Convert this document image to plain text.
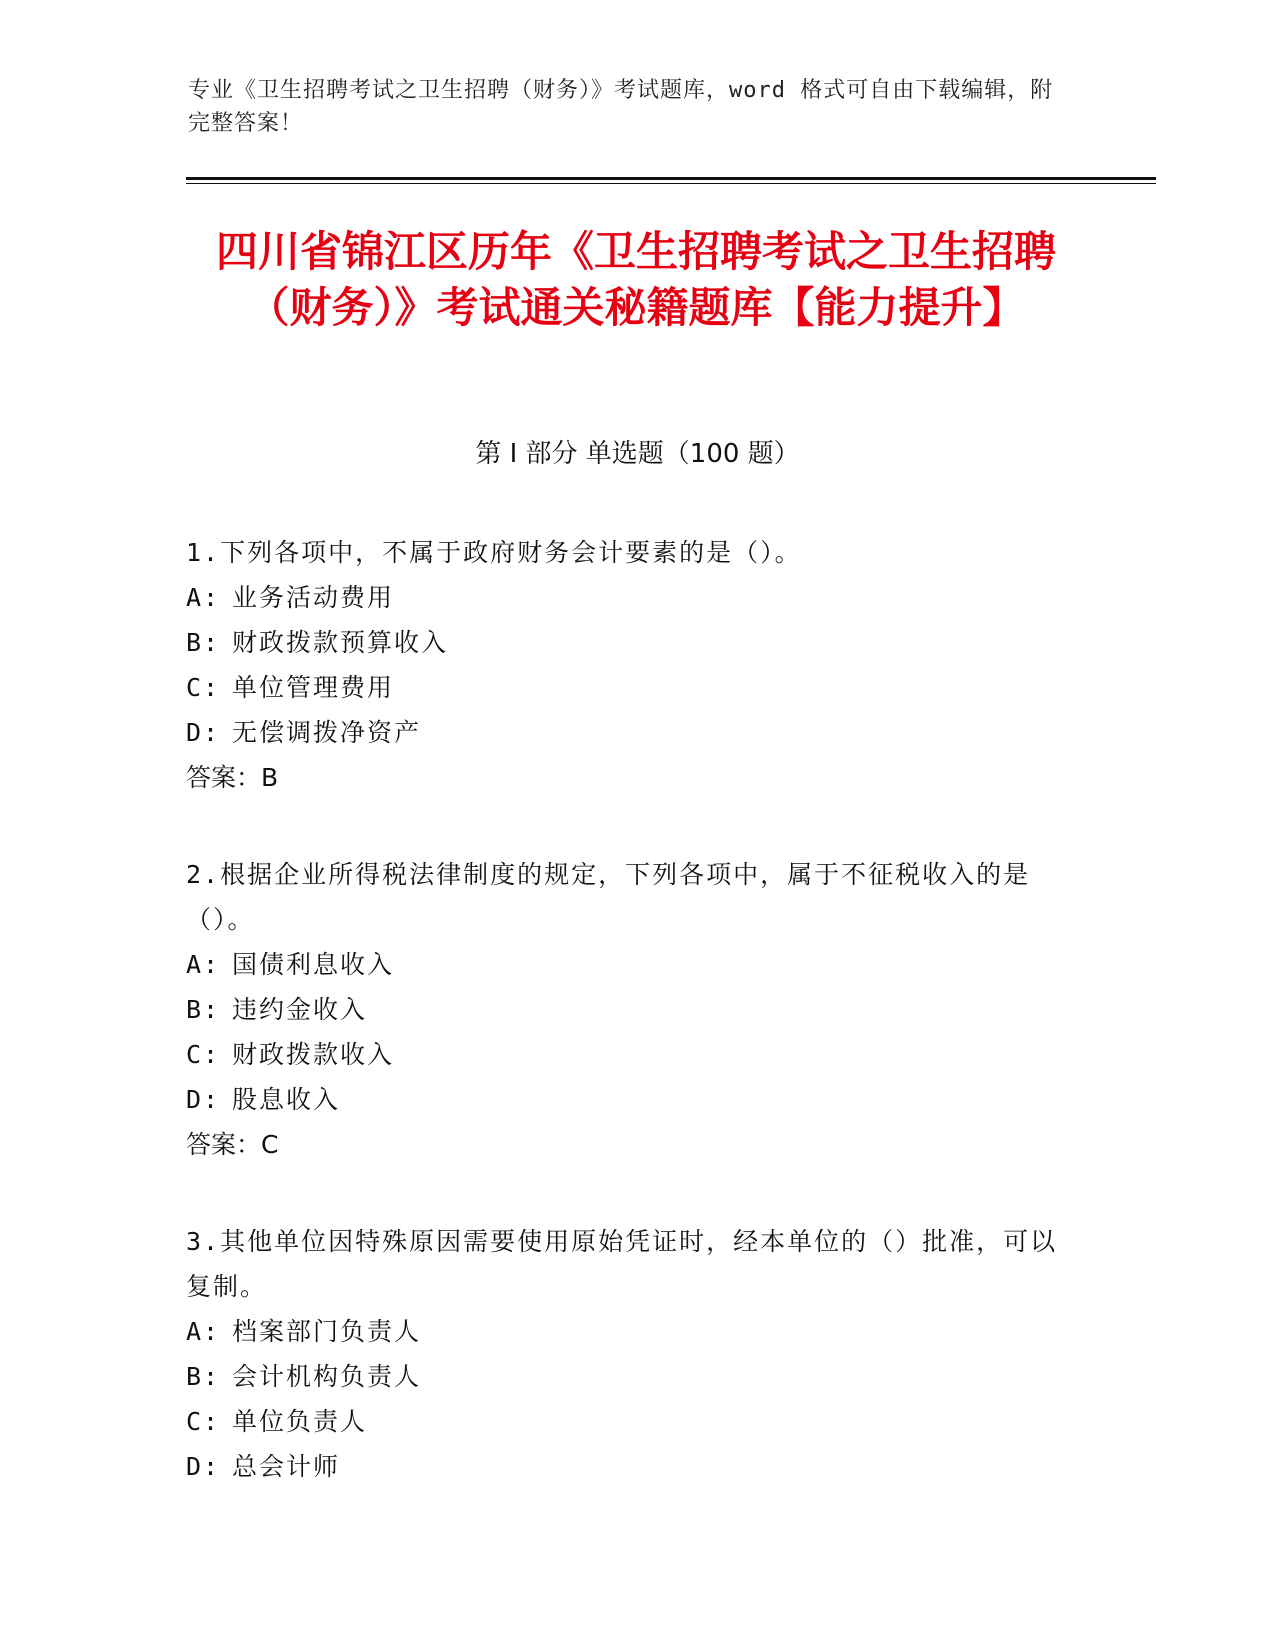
专业《卫生招聘考试之卫生招聘（财务）》考试题库，word 格式可自由下载编辑，附完整答案！
四川省锦江区历年《卫生招聘考试之卫生招聘（财务）》考试通关秘籍题库【能力提升】
第 I 部分 单选题（100 题）
1.下列各项中，不属于政府财务会计要素的是（）。
A: 业务活动费用
B: 财政拨款预算收入
C: 单位管理费用
D: 无偿调拨净资产
答案：B
2.根据企业所得税法律制度的规定，下列各项中，属于不征税收入的是（）。
A: 国债利息收入
B: 违约金收入
C: 财政拨款收入
D: 股息收入
答案：C
3.其他单位因特殊原因需要使用原始凭证时，经本单位的（）批准，可以复制。
A: 档案部门负责人
B: 会计机构负责人
C: 单位负责人
D: 总会计师
